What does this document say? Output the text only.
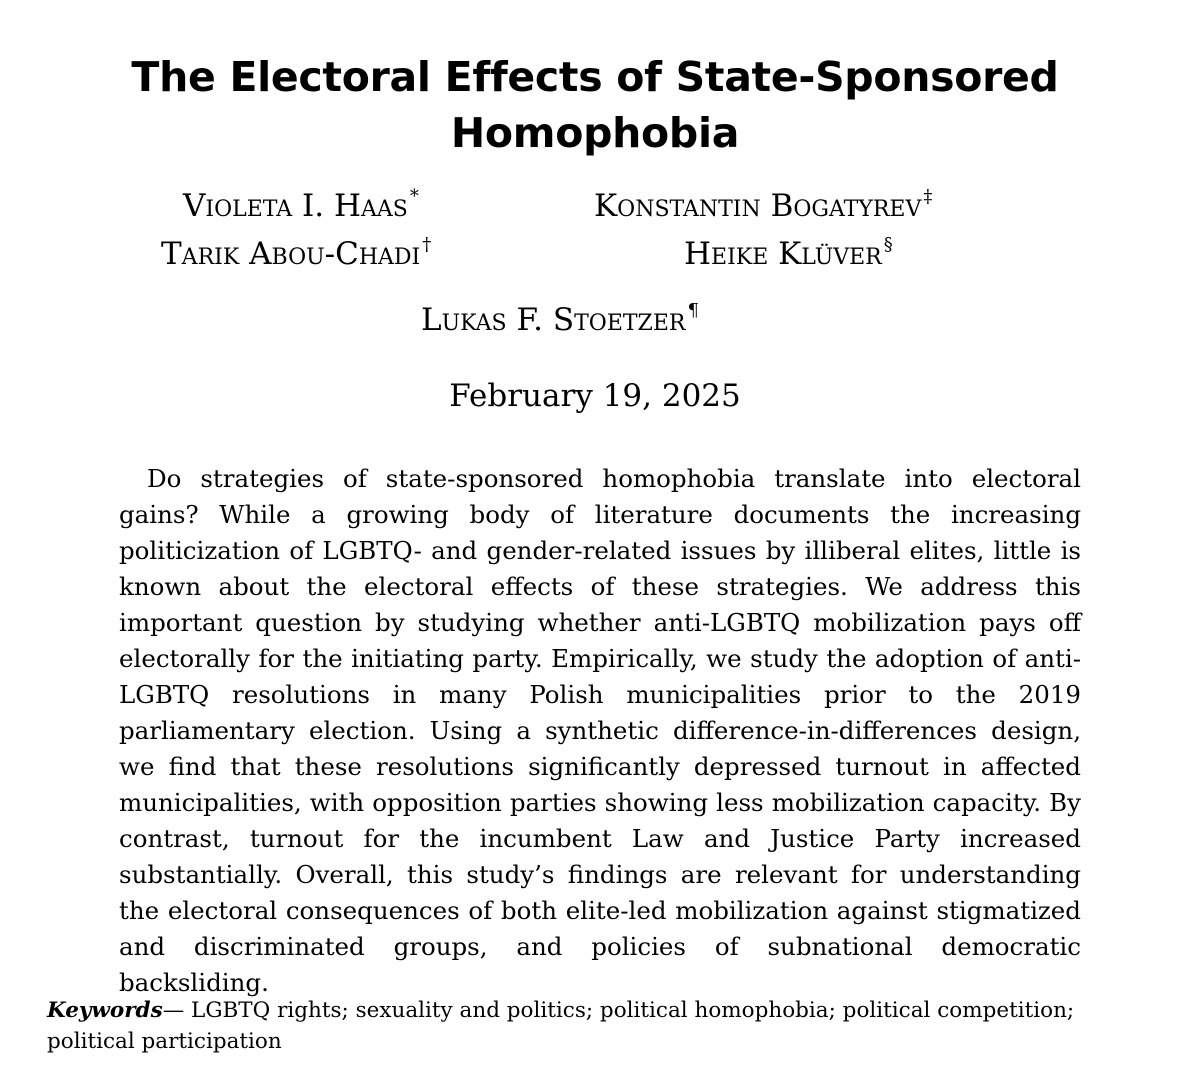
The Electoral Effects of State-Sponsored
Homophobia
Violeta I. Haas *	Konstantin Bogatyrev ‡
Tarik Abou-Chadi †	Heike Klüver §
Lukas F. Stoetzer ¶
February 19, 2025

Do strategies of state-sponsored homophobia translate into electoral gains? While a growing body of literature documents the increasing politicization of LGBTQ- and gender-related issues by illiberal elites, little is known about the electoral effects of these strategies. We address this important question by studying whether anti-LGBTQ mobilization pays off electorally for the initiating party. Empirically, we study the adoption of anti-LGBTQ resolutions in many Polish municipalities prior to the 2019 parliamentary election. Using a synthetic difference-in-differences design, we find that these resolutions significantly depressed turnout in affected municipalities, with opposition parties showing less mobilization capacity. By contrast, turnout for the incumbent Law and Justice Party increased substantially. Overall, this study’s findings are relevant for understanding the electoral consequences of both elite-led mobilization against stigmatized and discriminated groups, and policies of subnational democratic backsliding.

Keywords— LGBTQ rights; sexuality and politics; political homophobia; political competition; political participation
